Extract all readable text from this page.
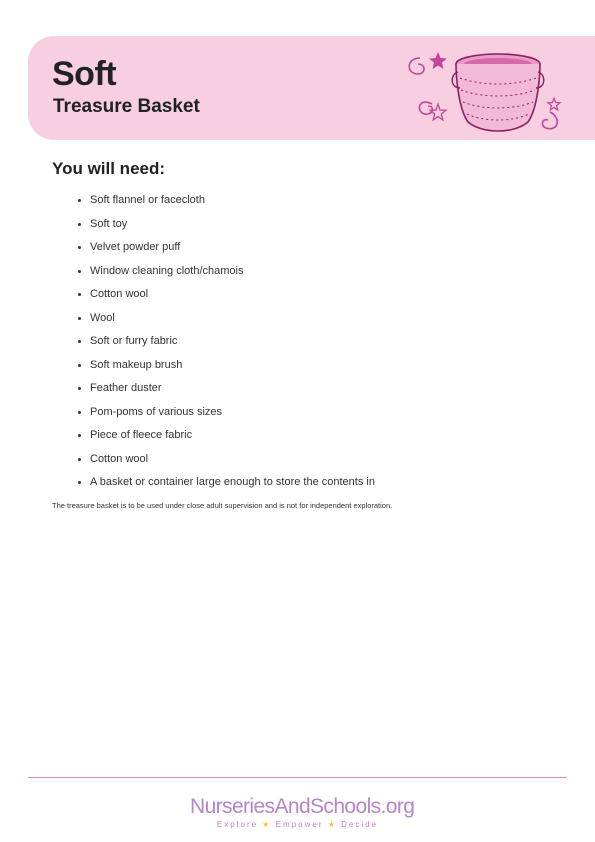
Soft
Treasure Basket
You will need:
Soft flannel or facecloth
Soft toy
Velvet powder puff
Window cleaning cloth/chamois
Cotton wool
Wool
Soft or furry fabric
Soft makeup brush
Feather duster
Pom-poms of various sizes
Piece of fleece fabric
Cotton wool
A basket or container large enough to store the contents in
The treasure basket is to be used under close adult supervision and is not for independent exploration.
NurseriesAndSchools.org
Explore ★ Empower ★ Decide
